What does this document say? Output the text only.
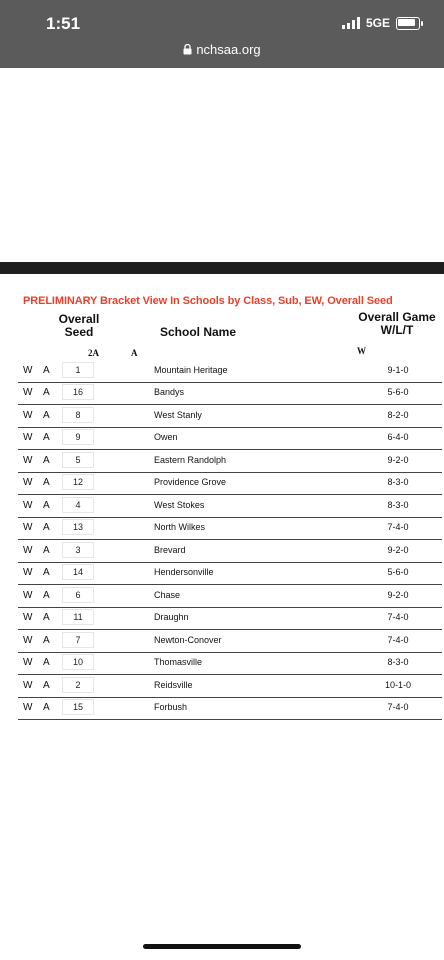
1:51	5GE
nchsaa.org
PRELIMINARY Bracket View In Schools by Class, Sub, EW, Overall Seed
Overall
Seed	School Name
Overall Game
W/L/T
2A	A	W
W A	1	Mountain Heritage	9-1-0
W A	16	Bandys	5-6-0
W A	8	West Stanly	8-2-0
W A	9	Owen	6-4-0
W A	5	Eastern Randolph	9-2-0
W A	12	Providence Grove	8-3-0
W A	4	West Stokes	8-3-0
W A	13	North Wilkes	7-4-0
W A	3	Brevard	9-2-0
W A	14	Hendersonville	5-6-0
W A	6	Chase	9-2-0
W A	11	Draughn	7-4-0
W A	7	Newton-Conover	7-4-0
W A	10	Thomasville	8-3-0
W A	2	Reidsville	10-1-0
W A	15	Forbush	7-4-0
